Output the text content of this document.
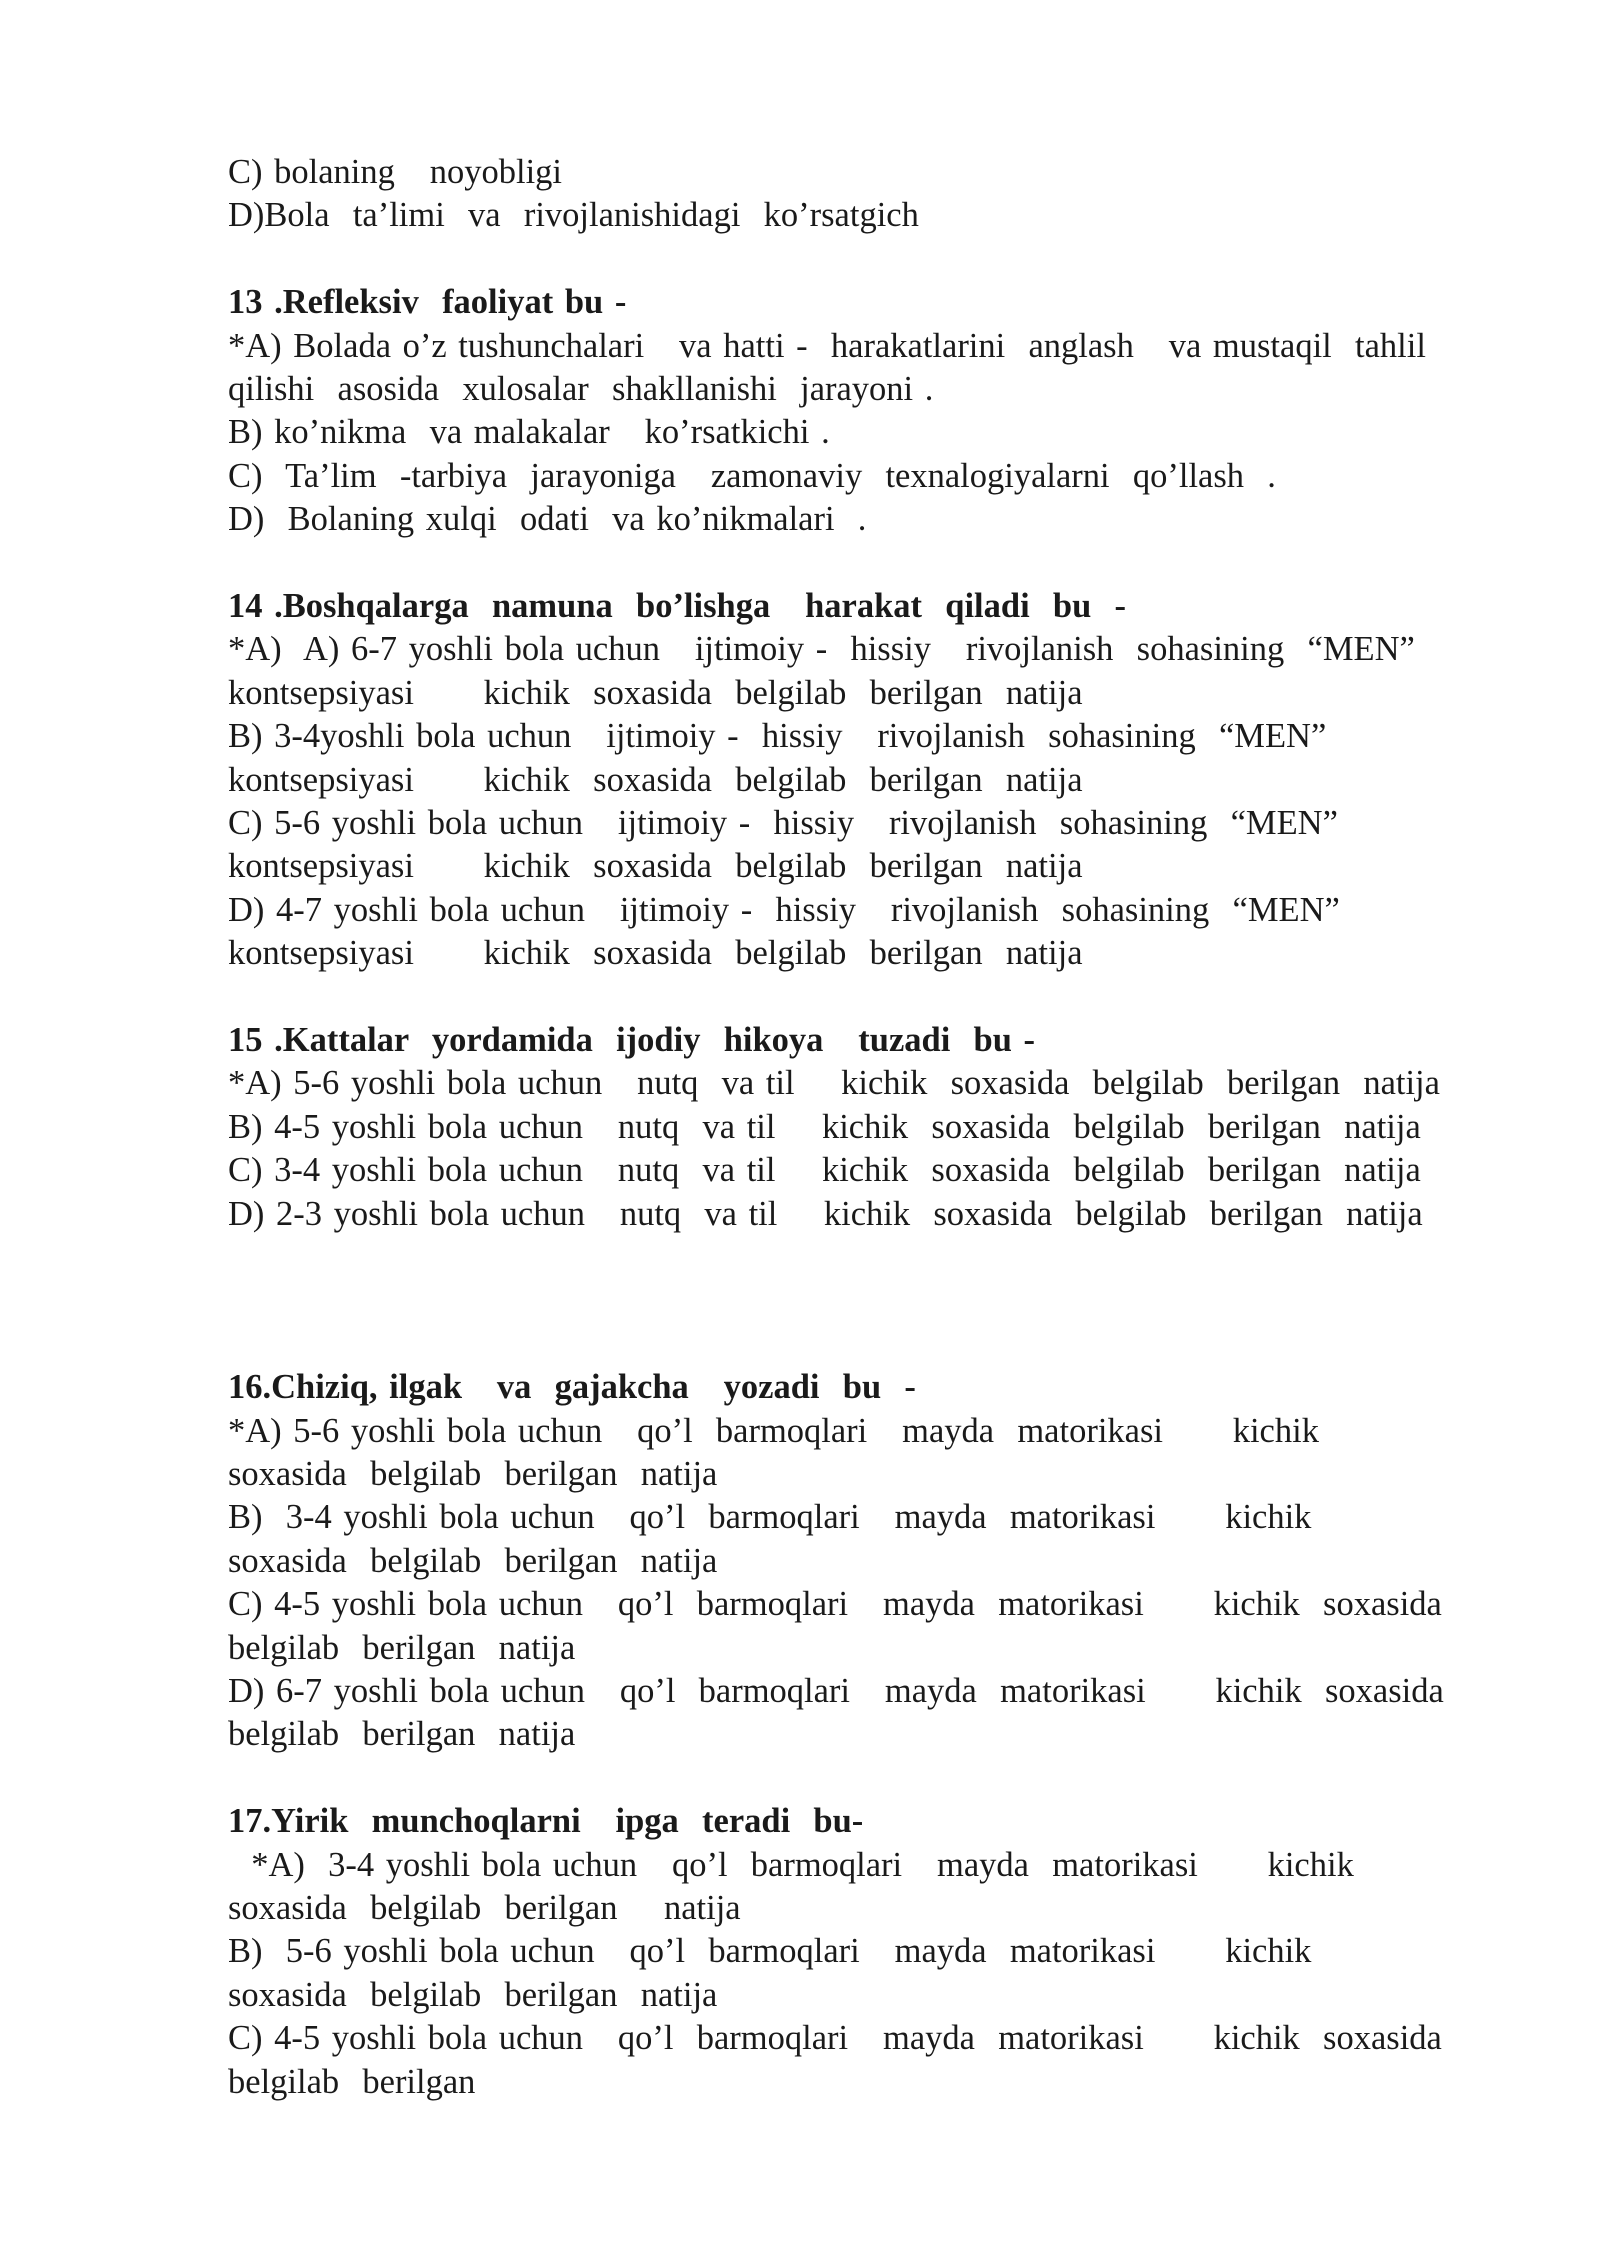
C) bolaning   noyobligi
D)Bola  ta’limi  va  rivojlanishidagi  ko’rsatgich
13 .Refleksiv  faoliyat bu -
*A) Bolada o’z tushunchalari   va hatti -  harakatlarini  anglash   va mustaqil  tahlil
qilishi  asosida  xulosalar  shakllanishi  jarayoni .
B) ko’nikma  va malakalar   ko’rsatkichi .
C)  Ta’lim  -tarbiya  jarayoniga   zamonaviy  texnalogiyalarni  qo’llash  .
D)  Bolaning xulqi  odati  va ko’nikmalari  .
14 .Boshqalarga  namuna  bo’lishga   harakat  qiladi  bu  -
*A)  A) 6-7 yoshli bola uchun   ijtimoiy -  hissiy   rivojlanish  sohasining  “MEN”
kontsepsiyasi      kichik  soxasida  belgilab  berilgan  natija
B) 3-4yoshli bola uchun   ijtimoiy -  hissiy   rivojlanish  sohasining  “MEN”
kontsepsiyasi      kichik  soxasida  belgilab  berilgan  natija
C) 5-6 yoshli bola uchun   ijtimoiy -  hissiy   rivojlanish  sohasining  “MEN”
kontsepsiyasi      kichik  soxasida  belgilab  berilgan  natija
D) 4-7 yoshli bola uchun   ijtimoiy -  hissiy   rivojlanish  sohasining  “MEN”
kontsepsiyasi      kichik  soxasida  belgilab  berilgan  natija
15 .Kattalar  yordamida  ijodiy  hikoya   tuzadi  bu -
*A) 5-6 yoshli bola uchun   nutq  va til    kichik  soxasida  belgilab  berilgan  natija
B) 4-5 yoshli bola uchun   nutq  va til    kichik  soxasida  belgilab  berilgan  natija
C) 3-4 yoshli bola uchun   nutq  va til    kichik  soxasida  belgilab  berilgan  natija
D) 2-3 yoshli bola uchun   nutq  va til    kichik  soxasida  belgilab  berilgan  natija
16.Chiziq, ilgak   va  gajakcha   yozadi  bu  -
*A) 5-6 yoshli bola uchun   qo’l  barmoqlari   mayda  matorikasi      kichik
soxasida  belgilab  berilgan  natija
B)  3-4 yoshli bola uchun   qo’l  barmoqlari   mayda  matorikasi      kichik
soxasida  belgilab  berilgan  natija
C) 4-5 yoshli bola uchun   qo’l  barmoqlari   mayda  matorikasi      kichik  soxasida
belgilab  berilgan  natija
D) 6-7 yoshli bola uchun   qo’l  barmoqlari   mayda  matorikasi      kichik  soxasida
belgilab  berilgan  natija
17.Yirik  munchoqlarni   ipga  teradi  bu-
*A)  3-4 yoshli bola uchun   qo’l  barmoqlari   mayda  matorikasi      kichik
soxasida  belgilab  berilgan    natija
B)  5-6 yoshli bola uchun   qo’l  barmoqlari   mayda  matorikasi      kichik
soxasida  belgilab  berilgan  natija
C) 4-5 yoshli bola uchun   qo’l  barmoqlari   mayda  matorikasi      kichik  soxasida
belgilab  berilgan
